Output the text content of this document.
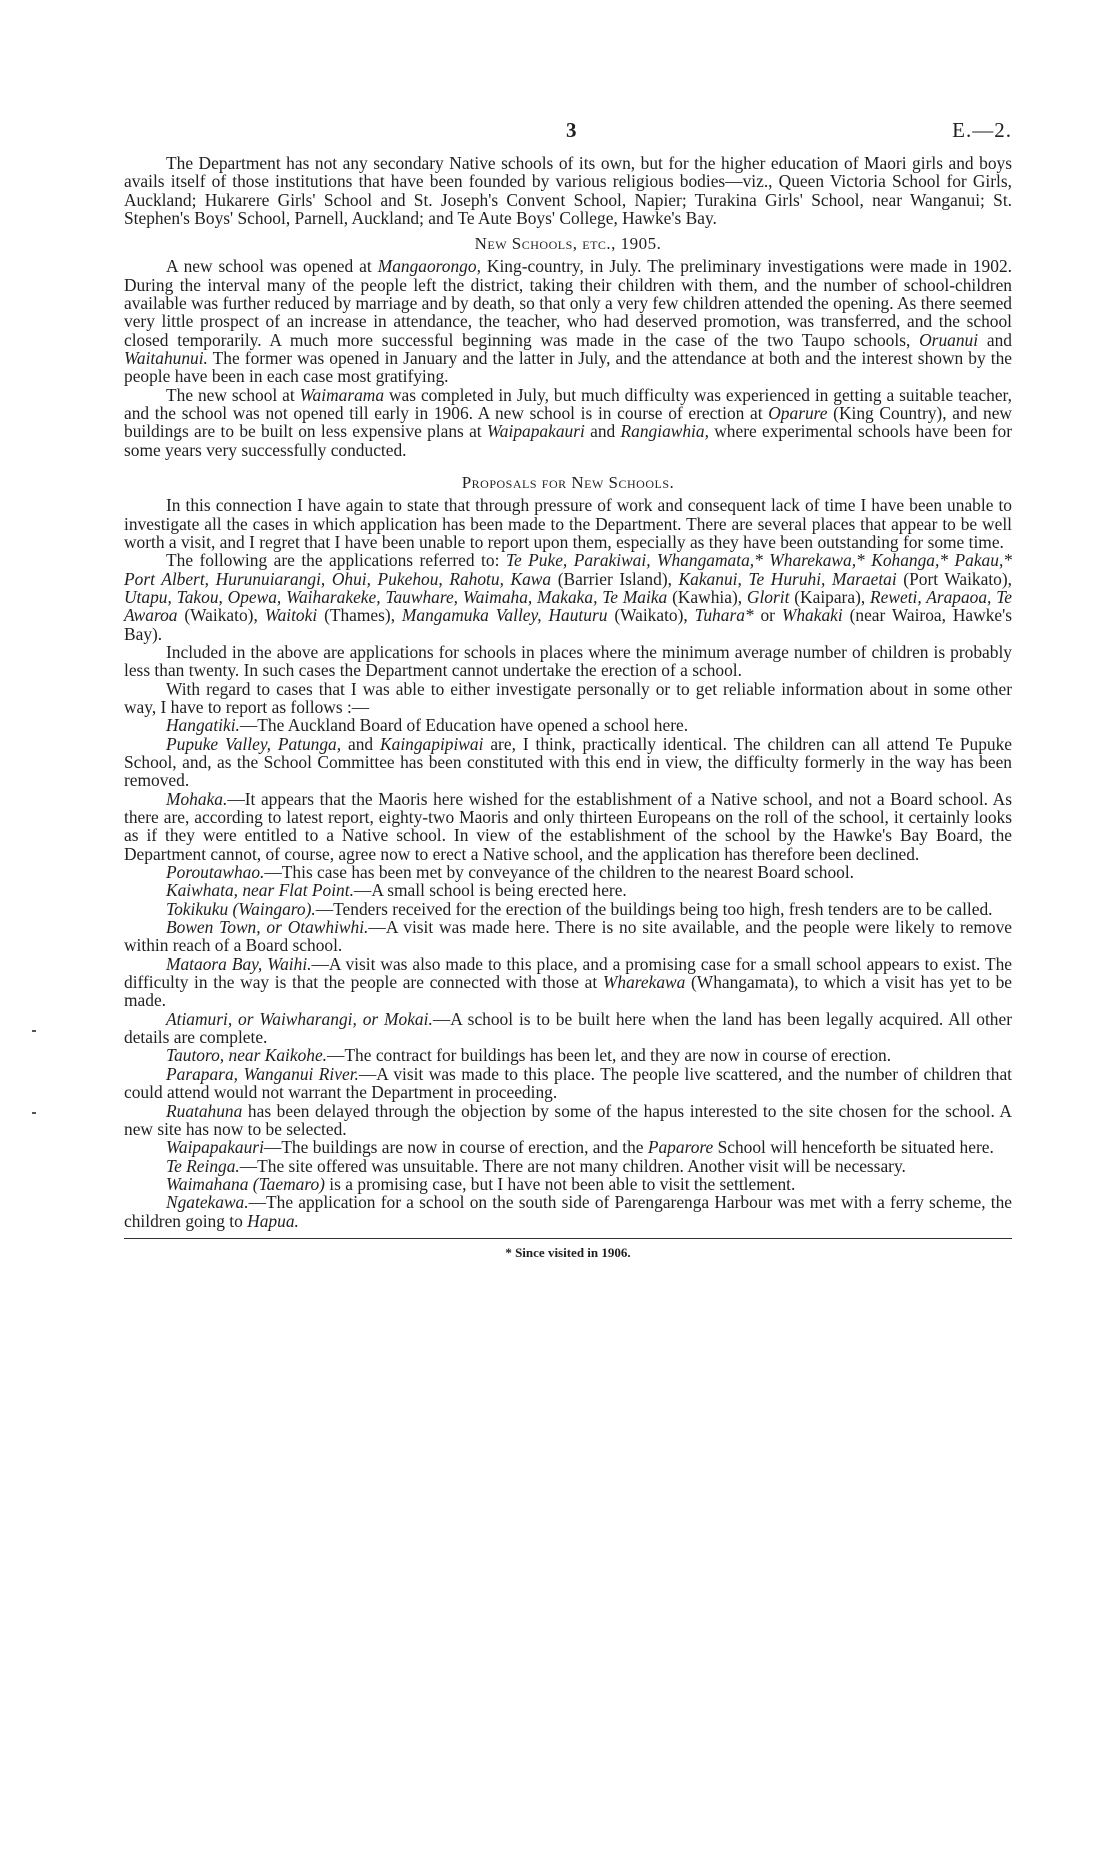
3	E.—2.

The Department has not any secondary Native schools of its own, but for the higher education of Maori girls and boys avails itself of those institutions that have been founded by various religious bodies—viz., Queen Victoria School for Girls, Auckland; Hukarere Girls' School and St. Joseph's Convent School, Napier; Turakina Girls' School, near Wanganui; St. Stephen's Boys' School, Parnell, Auckland; and Te Aute Boys' College, Hawke's Bay.

New Schools, etc., 1905.

A new school was opened at Mangaorongo, King-country, in July. The preliminary investigations were made in 1902. During the interval many of the people left the district, taking their children with them, and the number of school-children available was further reduced by marriage and by death, so that only a very few children attended the opening. As there seemed very little prospect of an increase in attendance, the teacher, who had deserved promotion, was transferred, and the school closed temporarily. A much more successful beginning was made in the case of the two Taupo schools, Oruanui and Waitahunui. The former was opened in January and the latter in July, and the attendance at both and the interest shown by the people have been in each case most gratifying.

The new school at Waimarama was completed in July, but much difficulty was experienced in getting a suitable teacher, and the school was not opened till early in 1906. A new school is in course of erection at Oparure (King Country), and new buildings are to be built on less expensive plans at Waipapakauri and Rangiawhia, where experimental schools have been for some years very successfully conducted.

Proposals for New Schools.

In this connection I have again to state that through pressure of work and consequent lack of time I have been unable to investigate all the cases in which application has been made to the Department. There are several places that appear to be well worth a visit, and I regret that I have been unable to report upon them, especially as they have been outstanding for some time.

The following are the applications referred to: Te Puke, Parakiwai, Whangamata,* Wharekawa,* Kohanga,* Pakau,* Port Albert, Hurunuiarangi, Ohui, Pukehou, Rahotu, Kawa (Barrier Island), Kakanui, Te Huruhi, Maraetai (Port Waikato), Utapu, Takou, Opewa, Waiharakeke, Tauwhare, Waimaha, Makaka, Te Maika (Kawhia), Glorit (Kaipara), Reweti, Arapaoa, Te Awaroa (Waikato), Waitoki (Thames), Mangamuka Valley, Hauturu (Waikato), Tuhara* or Whakaki (near Wairoa, Hawke's Bay).

Included in the above are applications for schools in places where the minimum average number of children is probably less than twenty. In such cases the Department cannot undertake the erection of a school.

With regard to cases that I was able to either investigate personally or to get reliable information about in some other way, I have to report as follows :—

Hangatiki.—The Auckland Board of Education have opened a school here.

Pupuke Valley, Patunga, and Kaingapipiwai are, I think, practically identical. The children can all attend Te Pupuke School, and, as the School Committee has been constituted with this end in view, the difficulty formerly in the way has been removed.

Mohaka.—It appears that the Maoris here wished for the establishment of a Native school, and not a Board school. As there are, according to latest report, eighty-two Maoris and only thirteen Europeans on the roll of the school, it certainly looks as if they were entitled to a Native school. In view of the establishment of the school by the Hawke's Bay Board, the Department cannot, of course, agree now to erect a Native school, and the application has therefore been declined.

Poroutawhao.—This case has been met by conveyance of the children to the nearest Board school.

Kaiwhata, near Flat Point.—A small school is being erected here.

Tokikuku (Waingaro).—Tenders received for the erection of the buildings being too high, fresh tenders are to be called.

Bowen Town, or Otawhiwhi.—A visit was made here. There is no site available, and the people were likely to remove within reach of a Board school.

Mataora Bay, Waihi.—A visit was also made to this place, and a promising case for a small school appears to exist. The difficulty in the way is that the people are connected with those at Wharekawa (Whangamata), to which a visit has yet to be made.

Atiamuri, or Waiwharangi, or Mokai.—A school is to be built here when the land has been legally acquired. All other details are complete.

Tautoro, near Kaikohe.—The contract for buildings has been let, and they are now in course of erection.

Parapara, Wanganui River.—A visit was made to this place. The people live scattered, and the number of children that could attend would not warrant the Department in proceeding.

Ruatahuna has been delayed through the objection by some of the hapus interested to the site chosen for the school. A new site has now to be selected.

Waipapakauri—The buildings are now in course of erection, and the Paparore School will henceforth be situated here.

Te Reinga.—The site offered was unsuitable. There are not many children. Another visit will be necessary.

Waimahana (Taemaro) is a promising case, but I have not been able to visit the settlement.

Ngatekawa.—The application for a school on the south side of Parengarenga Harbour was met with a ferry scheme, the children going to Hapua.

* Since visited in 1906.
